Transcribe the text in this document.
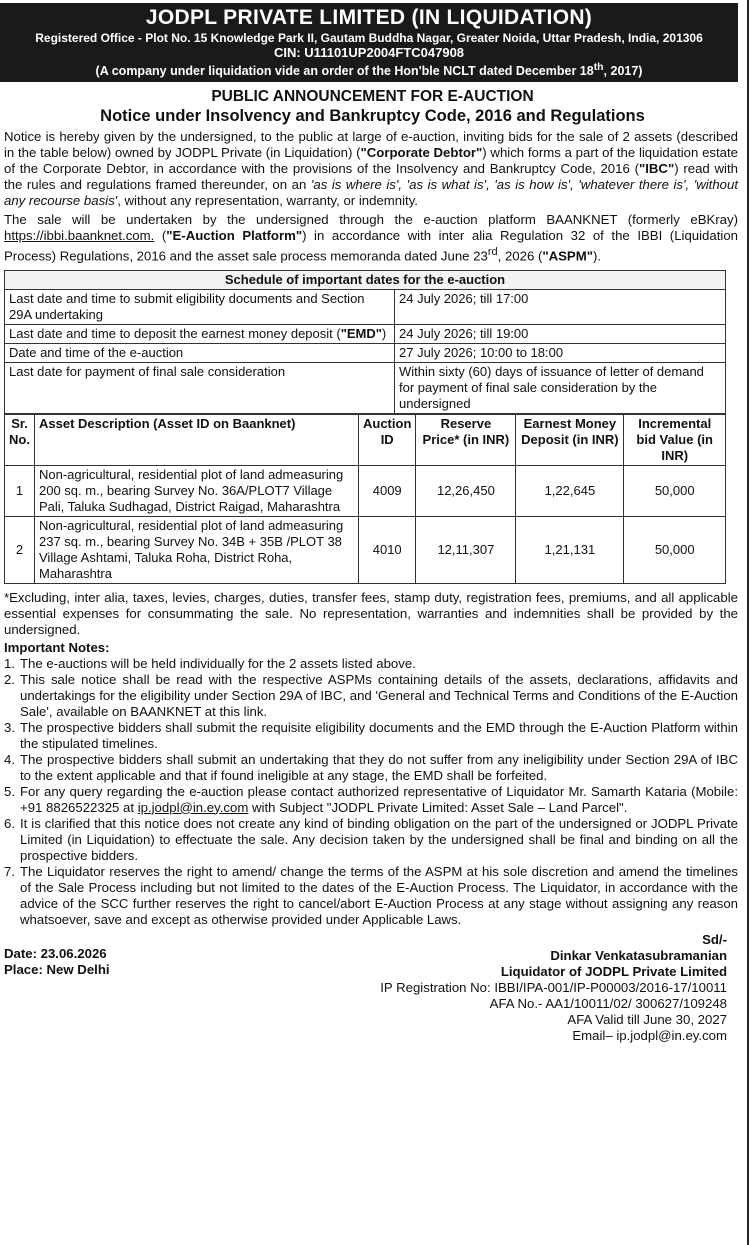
JODPL PRIVATE LIMITED (IN LIQUIDATION)
Registered Office - Plot No. 15 Knowledge Park II, Gautam Buddha Nagar, Greater Noida, Uttar Pradesh, India, 201306
CIN: U11101UP2004FTC047908
(A company under liquidation vide an order of the Hon'ble NCLT dated December 18th, 2017)
PUBLIC ANNOUNCEMENT FOR E-AUCTION
Notice under Insolvency and Bankruptcy Code, 2016 and Regulations

Notice is hereby given by the undersigned, to the public at large of e-auction, inviting bids for the sale of 2 assets (described in the table below) owned by JODPL Private (in Liquidation) ("Corporate Debtor") which forms a part of the liquidation estate of the Corporate Debtor, in accordance with the provisions of the Insolvency and Bankruptcy Code, 2016 ("IBC") read with the rules and regulations framed thereunder, on an 'as is where is', 'as is what is', 'as is how is', 'whatever there is', 'without any recourse basis', without any representation, warranty, or indemnity.

The sale will be undertaken by the undersigned through the e-auction platform BAANKNET (formerly eBKray) https://ibbi.baanknet.com. ("E-Auction Platform") in accordance with inter alia Regulation 32 of the IBBI (Liquidation Process) Regulations, 2016 and the asset sale process memoranda dated June 23rd, 2026 ("ASPM").

Schedule of important dates for the e-auction	
Last date and time to submit eligibility documents and Section 29A undertaking	24 July 2026; till 17:00
Last date and time to deposit the earnest money deposit ("EMD")	24 July 2026; till 19:00
Date and time of the e-auction	27 July 2026; 10:00 to 18:00
Last date for payment of final sale consideration	Within sixty (60) days of issuance of letter of demand for payment of final sale consideration by the undersigned
Sr. No.	Asset Description (Asset ID on Baanknet)	Auction ID	Reserve Price* (in INR)	Earnest Money Deposit (in INR)	Incremental bid Value (in INR)
1	Non-agricultural, residential plot of land admeasuring 200 sq. m., bearing Survey No. 36A/PLOT7 Village Pali, Taluka Sudhagad, District Raigad, Maharashtra	4009	12,26,450	1,22,645	50,000
2	Non-agricultural, residential plot of land admeasuring 237 sq. m., bearing Survey No. 34B + 35B /PLOT 38 Village Ashtami, Taluka Roha, District Roha, Maharashtra	4010	12,11,307	1,21,131	50,000

*Excluding, inter alia, taxes, levies, charges, duties, transfer fees, stamp duty, registration fees, premiums, and all applicable essential expenses for consummating the sale. No representation, warranties and indemnities shall be provided by the undersigned.

Important Notes:
1. The e-auctions will be held individually for the 2 assets listed above.
2. This sale notice shall be read with the respective ASPMs containing details of the assets, declarations, affidavits and undertakings for the eligibility under Section 29A of IBC, and 'General and Technical Terms and Conditions of the E-Auction Sale', available on BAANKNET at this link.
3. The prospective bidders shall submit the requisite eligibility documents and the EMD through the E-Auction Platform within the stipulated timelines.
4. The prospective bidders shall submit an undertaking that they do not suffer from any ineligibility under Section 29A of IBC to the extent applicable and that if found ineligible at any stage, the EMD shall be forfeited.
5. For any query regarding the e-auction please contact authorized representative of Liquidator Mr. Samarth Kataria (Mobile: +91 8826522325 at ip.jodpl@in.ey.com with Subject "JODPL Private Limited: Asset Sale – Land Parcel".
6. It is clarified that this notice does not create any kind of binding obligation on the part of the undersigned or JODPL Private Limited (in Liquidation) to effectuate the sale. Any decision taken by the undersigned shall be final and binding on all the prospective bidders.
7. The Liquidator reserves the right to amend/ change the terms of the ASPM at his sole discretion and amend the timelines of the Sale Process including but not limited to the dates of the E-Auction Process. The Liquidator, in accordance with the advice of the SCC further reserves the right to cancel/abort E-Auction Process at any stage without assigning any reason whatsoever, save and except as otherwise provided under Applicable Laws.
Date: 23.06.2026
Place: New Delhi
Sd/-
Dinkar Venkatasubramanian
Liquidator of JODPL Private Limited
IP Registration No: IBBI/IPA-001/IP-P00003/2016-17/10011
AFA No.- AA1/10011/02/ 300627/109248
AFA Valid till June 30, 2027
Email– ip.jodpl@in.ey.com
